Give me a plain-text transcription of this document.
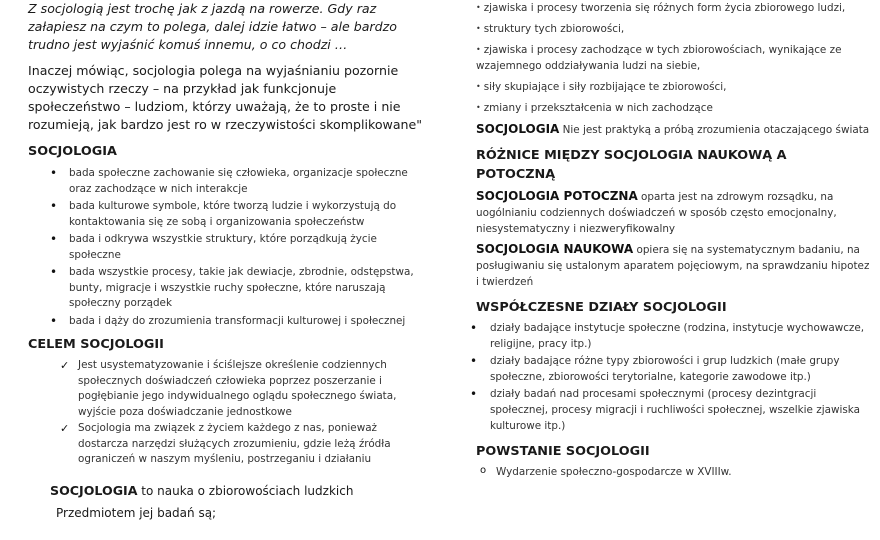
Z socjologią jest trochę jak z jazdą na rowerze. Gdy raz załapiesz na czym to polega, dalej idzie łatwo – ale bardzo trudno jest wyjaśnić komuś innemu, o co chodzi …

Inaczej mówiąc, socjologia polega na wyjaśnianiu pozornie oczywistych rzeczy – na przykład jak funkcjonuje społeczeństwo – ludziom, którzy uważają, że to proste i nie rozumieją, jak bardzo jest ro w rzeczywistości skomplikowane"

SOCJOLOGIA
• bada społeczne zachowanie się człowieka, organizacje społeczne oraz zachodzące w nich interakcje
• bada kulturowe symbole, które tworzą ludzie i wykorzystują do kontaktowania się ze sobą i organizowania społeczeństw
• bada i odkrywa wszystkie struktury, które porządkują życie społeczne
• bada wszystkie procesy, takie jak dewiacje, zbrodnie, odstępstwa, bunty, migracje i wszystkie ruchy społeczne, które naruszają społeczny porządek
• bada i dąży do zrozumienia transformacji kulturowej i społecznej
CELEM SOCJOLOGII
✓ Jest usystematyzowanie i ściślejsze określenie codziennych społecznych doświadczeń człowieka poprzez poszerzanie i pogłębianie jego indywidualnego oglądu społecznego świata, wyjście poza doświadczanie jednostkowe
✓ Socjologia ma związek z życiem każdego z nas, ponieważ dostarcza narzędzi służących zrozumieniu, gdzie leżą źródła ograniczeń w naszym myśleniu, postrzeganiu i działaniu

SOCJOLOGIA to nauka o zbiorowościach ludzkich

Przedmiotem jej badań są;

• zjawiska i procesy tworzenia się różnych form życia zbiorowego ludzi,
• struktury tych zbiorowości,
• zjawiska i procesy zachodzące w tych zbiorowościach, wynikające ze wzajemnego oddziaływania ludzi na siebie,
• siły skupiające i siły rozbijające te zbiorowości,
• zmiany i przekształcenia w nich zachodzące

SOCJOLOGIA Nie jest praktyką a próbą zrozumienia otaczającego świata

RÓŻNICE MIĘDZY SOCJOLOGIA NAUKOWĄ A POTOCZNĄ

SOCJOLOGIA POTOCZNA oparta jest na zdrowym rozsądku, na uogólnianiu codziennych doświadczeń w sposób często emocjonalny, niesystematyczny i niezweryfikowalny

SOCJOLOGIA NAUKOWA opiera się na systematycznym badaniu, na posługiwaniu się ustalonym aparatem pojęciowym, na sprawdzaniu hipotez i twierdzeń

WSPÓŁCZESNE DZIAŁY SOCJOLOGII
• działy badające instytucje społeczne (rodzina, instytucje wychowawcze, religijne, pracy itp.)
• działy badające różne typy zbiorowości i grup ludzkich (małe grupy społeczne, zbiorowości terytorialne, kategorie zawodowe itp.)
• działy badań nad procesami społecznymi (procesy dezintgracji społecznej, procesy migracji i ruchliwości społecznej, wszelkie zjawiska kulturowe itp.)
POWSTANIE SOCJOLOGII
o Wydarzenie społeczno-gospodarcze w XVIIIw.
